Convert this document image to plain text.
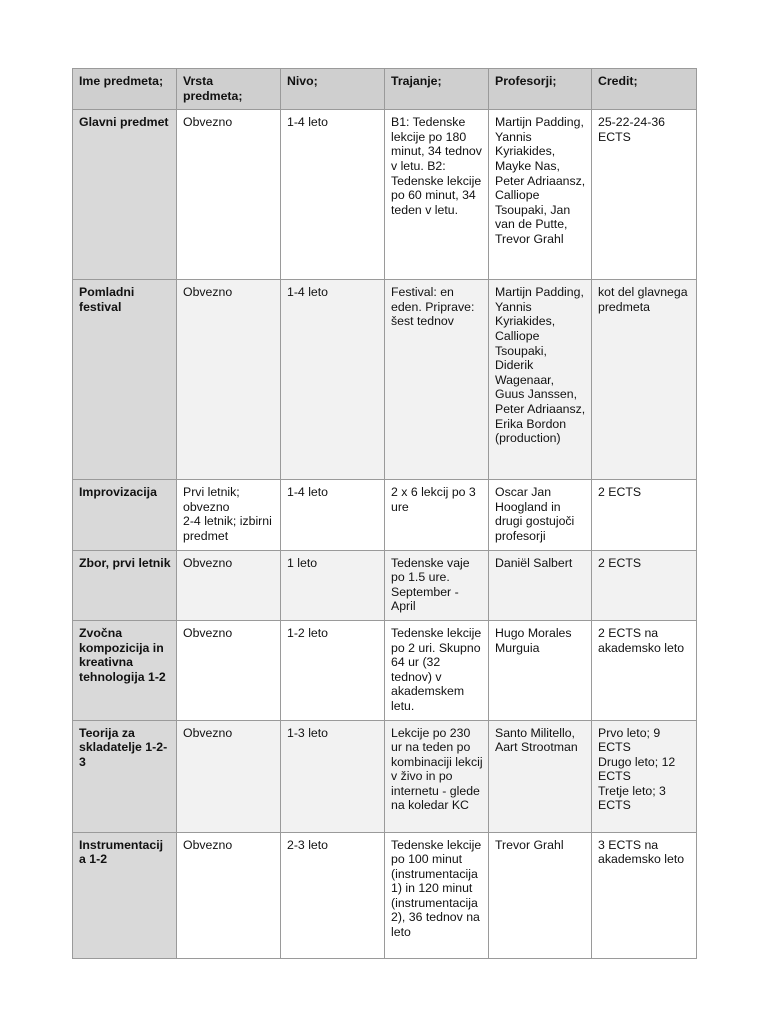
Ime predmeta;	Vrsta predmeta;	Nivo;	Trajanje;	Profesorji;	Credit;

Glavni predmet	Obvezno	1-4 leto	B1: Tedenske lekcije po 180 minut, 34 tednov v letu. B2: Tedenske lekcije po 60 minut, 34 teden v letu.	Martijn Padding, Yannis Kyriakides, Mayke Nas, Peter Adriaansz, Calliope Tsoupaki, Jan van de Putte, Trevor Grahl	25-22-24-36 ECTS

Pomladni festival	Obvezno	1-4 leto	Festival: en eden. Priprave: šest tednov	Martijn Padding, Yannis Kyriakides, Calliope Tsoupaki, Diderik Wagenaar, Guus Janssen, Peter Adriaansz, Erika Bordon (production)	kot del glavnega predmeta

Improvizacija	Prvi letnik; obvezno
2-4 letnik; izbirni predmet	1-4 leto	2 x 6 lekcij po 3 ure	Oscar Jan Hoogland in drugi gostujoči profesorji	2 ECTS

Zbor, prvi letnik	Obvezno	1 leto	Tedenske vaje po 1.5 ure. September - April	Daniël Salbert	2 ECTS

Zvočna kompozicija in kreativna tehnologija 1-2	Obvezno	1-2 leto	Tedenske lekcije po 2 uri. Skupno 64 ur (32 tednov) v akademskem letu.	Hugo Morales Murguia	2 ECTS na akademsko leto

Teorija za skladatelje 1-2-3	Obvezno	1-3 leto	Lekcije po 230 ur na teden po kombinaciji lekcij v živo in po internetu - glede na koledar KC	Santo Militello, Aart Strootman	Prvo leto; 9 ECTS
Drugo leto; 12 ECTS
Tretje leto; 3 ECTS

Instrumentacij a 1-2	Obvezno	2-3 leto	Tedenske lekcije po 100 minut (instrumentacija 1) in 120 minut (instrumentacija 2), 36 tednov na leto	Trevor Grahl	3 ECTS na akademsko leto
